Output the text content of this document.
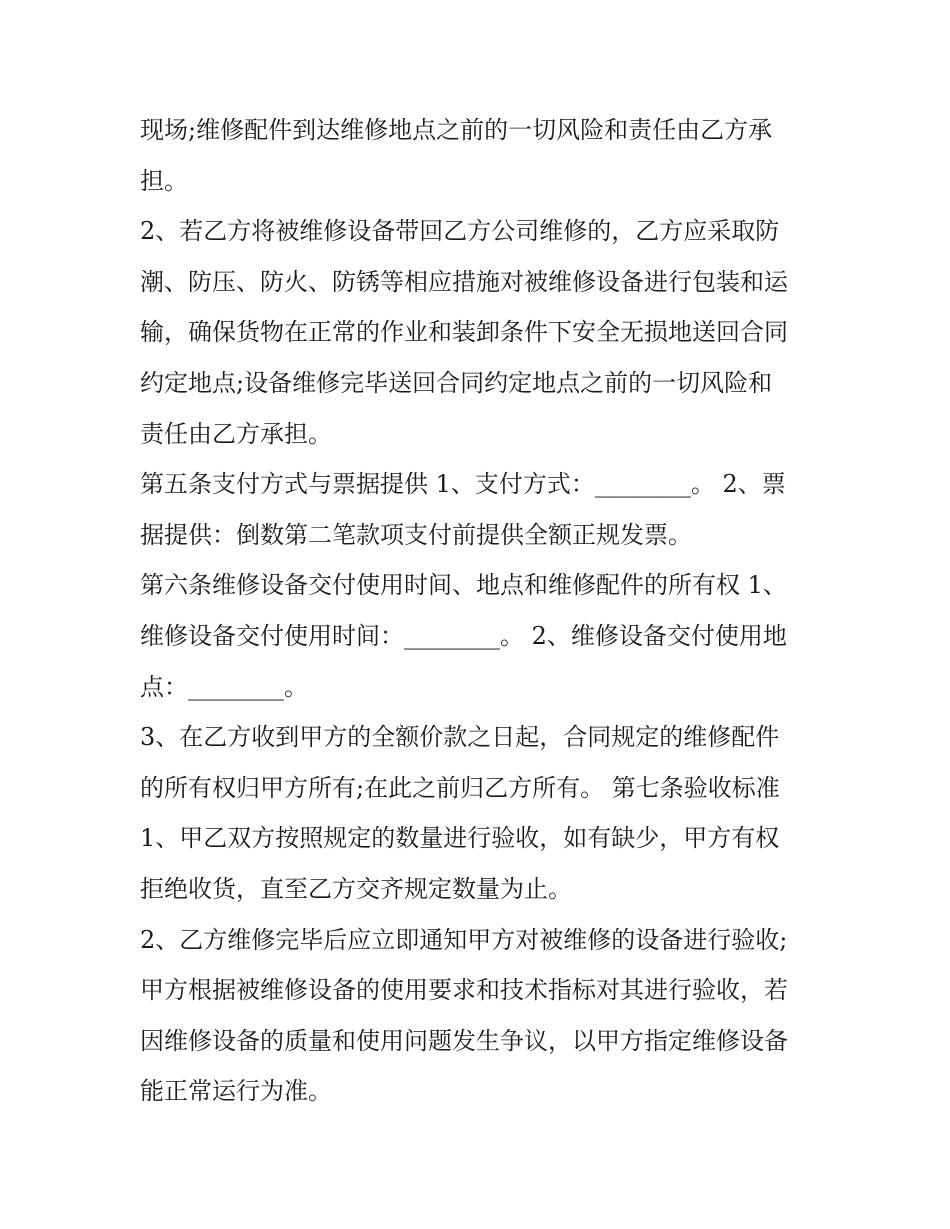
现场;维修配件到达维修地点之前的一切风险和责任由乙方承
担。
2、若乙方将被维修设备带回乙方公司维修的，乙方应采取防
潮、防压、防火、防锈等相应措施对被维修设备进行包装和运
输，确保货物在正常的作业和装卸条件下安全无损地送回合同
约定地点;设备维修完毕送回合同约定地点之前的一切风险和
责任由乙方承担。
第五条支付方式与票据提供 1、支付方式：________。 2、票
据提供：倒数第二笔款项支付前提供全额正规发票。
第六条维修设备交付使用时间、地点和维修配件的所有权 1、
维修设备交付使用时间：________。 2、维修设备交付使用地
点：________。
3、在乙方收到甲方的全额价款之日起，合同规定的维修配件
的所有权归甲方所有;在此之前归乙方所有。 第七条验收标准
1、甲乙双方按照规定的数量进行验收，如有缺少，甲方有权
拒绝收货，直至乙方交齐规定数量为止。
2、乙方维修完毕后应立即通知甲方对被维修的设备进行验收;
甲方根据被维修设备的使用要求和技术指标对其进行验收，若
因维修设备的质量和使用问题发生争议，以甲方指定维修设备
能正常运行为准。
